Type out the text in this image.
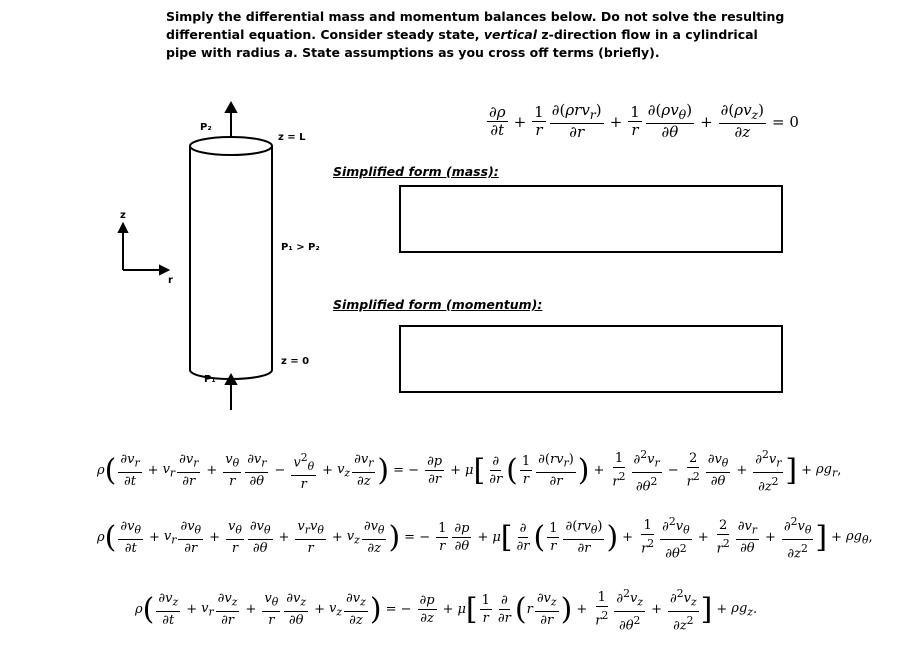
Simply the differential mass and momentum balances below. Do not solve the resulting differential equation. Consider steady state, vertical z-direction flow in a cylindrical pipe with radius a. State assumptions as you cross off terms (briefly).
P₂
z = L
P₁ > P₂
z = 0
P₁
z
r
$\frac{\partial\rho}{\partial t} + \frac{1}{r} \frac{\partial(\rho rv_r)}{\partial r} + \frac{1}{r} \frac{\partial(\rho v_\theta)}{\partial\theta} + \frac{\partial(\rho v_z)}{\partial z} = 0$
Simplified form (mass):
Simplified form (momentum):
ρ ( $\frac{\partial v_r}{\partial t} + v_r \frac{\partial v_r}{\partial r} + \frac{v_\theta}{r} \frac{\partial v_r}{\partial\theta} - \frac{v^2_\theta}{r} + v_z \frac{\partial v_r}{\partial z}$ ) = − $\frac{\partial p}{\partial r} + \mu$ [ $\frac{\partial}{\partial r}$ ( $\frac{1}{r} \frac{\partial(rv_r)}{\partial r}$ ) + $\frac{1}{r^2} \frac{\partial^2v_r}{\partial\theta^2} - \frac{2}{r^2} \frac{\partial v_\theta}{\partial\theta} + \frac{\partial^2v_r}{\partial z^2}$ ] + $\rho g_r$ ,
ρ ( $\frac{\partial v_\theta}{\partial t} + v_r \frac{\partial v_\theta}{\partial r} + \frac{v_\theta}{r} \frac{\partial v_\theta}{\partial\theta} + \frac{v_rv_\theta}{r} + v_z \frac{\partial v_\theta}{\partial z}$ ) = − $\frac{1}{r} \frac{\partial p}{\partial\theta} + \mu$ [ $\frac{\partial}{\partial r}$ ( $\frac{1}{r} \frac{\partial(rv_\theta)}{\partial r}$ ) + $\frac{1}{r^2} \frac{\partial^2v_\theta}{\partial\theta^2} + \frac{2}{r^2} \frac{\partial v_r}{\partial\theta} + \frac{\partial^2v_\theta}{\partial z^2}$ ] + $\rho g_\theta$ ,
ρ ( $\frac{\partial v_z}{\partial t} + v_r \frac{\partial v_z}{\partial r} + \frac{v_\theta}{r} \frac{\partial v_z}{\partial\theta} + v_z \frac{\partial v_z}{\partial z}$ ) = − $\frac{\partial p}{\partial z} + \mu$ [ $\frac{1}{r} \frac{\partial}{\partial r}$ ( r $\frac{\partial v_z}{\partial r}$ ) + $\frac{1}{r^2} \frac{\partial^2v_z}{\partial\theta^2} + \frac{\partial^2v_z}{\partial z^2}$ ] + $\rho g_z$ .
